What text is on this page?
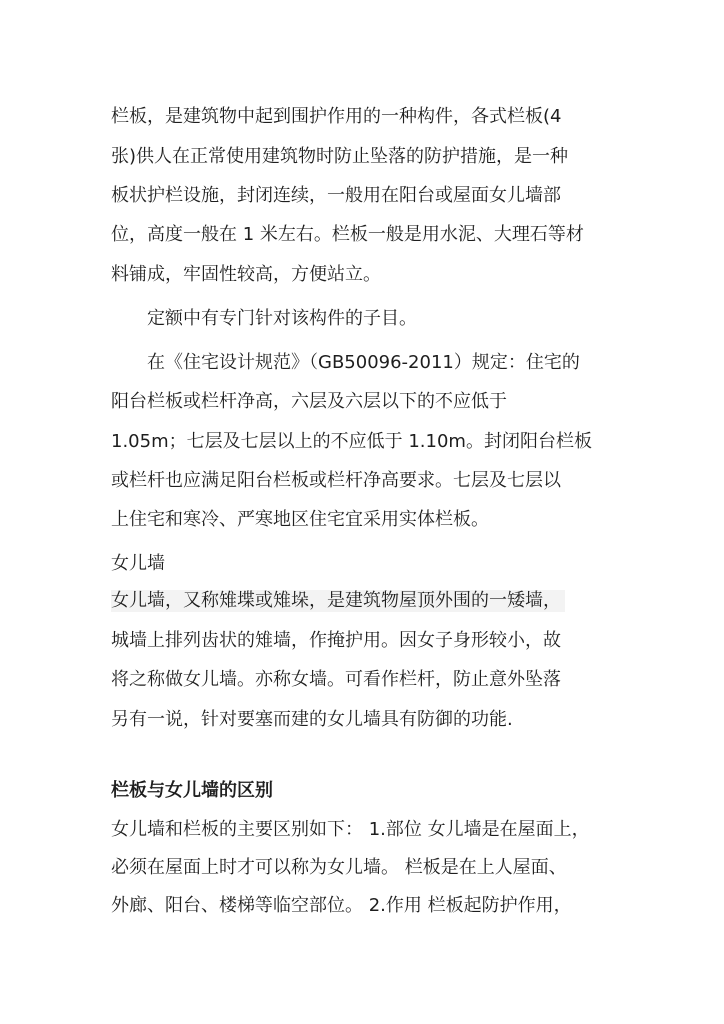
栏板，是建筑物中起到围护作用的一种构件，各式栏板(4
张)供人在正常使用建筑物时防止坠落的防护措施，是一种
板状护栏设施，封闭连续，一般用在阳台或屋面女儿墙部
位，高度一般在 1 米左右。栏板一般是用水泥、大理石等材
料铺成，牢固性较高，方便站立。
定额中有专门针对该构件的子目。
在《住宅设计规范》（GB50096-2011）规定：住宅的
阳台栏板或栏杆净高，六层及六层以下的不应低于
1.05m；七层及七层以上的不应低于 1.10m。封闭阳台栏板
或栏杆也应满足阳台栏板或栏杆净高要求。七层及七层以
上住宅和寒冷、严寒地区住宅宜采用实体栏板。
女儿墙
女儿墙，又称雉堞或雉垛，是建筑物屋顶外围的一矮墙，
城墙上排列齿状的雉墙，作掩护用。因女子身形较小，故
将之称做女儿墙。亦称女墙。可看作栏杆，防止意外坠落
另有一说，针对要塞而建的女儿墙具有防御的功能.
栏板与女儿墙的区别
女儿墙和栏板的主要区别如下： 1.部位 女儿墙是在屋面上，
必须在屋面上时才可以称为女儿墙。 栏板是在上人屋面、
外廊、阳台、楼梯等临空部位。 2.作用 栏板起防护作用，
